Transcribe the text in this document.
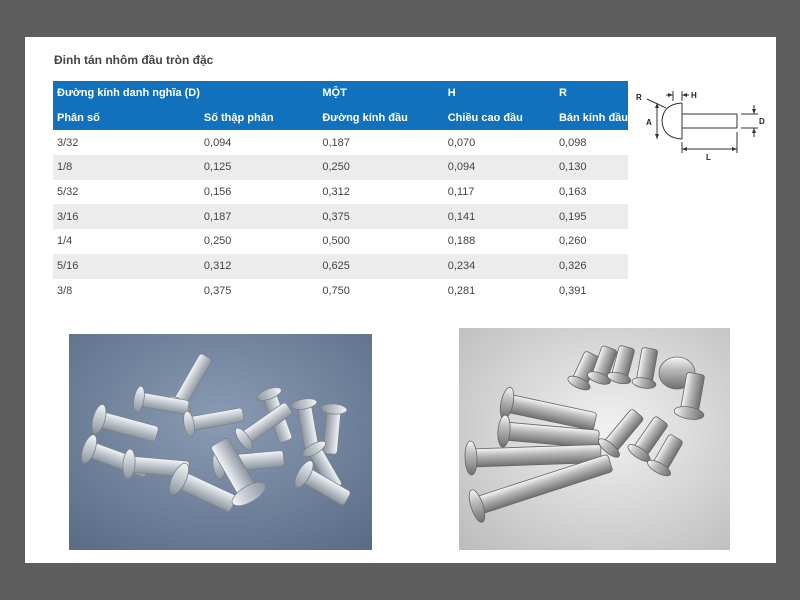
Đinh tán nhôm đầu tròn đặc
Đường kính danh nghĩa (D)		MỘT	H	R
Phân số	Số thập phân	Đường kính đầu	Chiều cao đầu	Bán kính đầu
3/32	0,094	0,187	0,070	0,098
1/8	0,125	0,250	0,094	0,130
5/32	0,156	0,312	0,117	0,163
3/16	0,187	0,375	0,141	0,195
1/4	0,250	0,500	0,188	0,260
5/16	0,312	0,625	0,234	0,326
3/8	0,375	0,750	0,281	0,391
R	H
A	D
L
